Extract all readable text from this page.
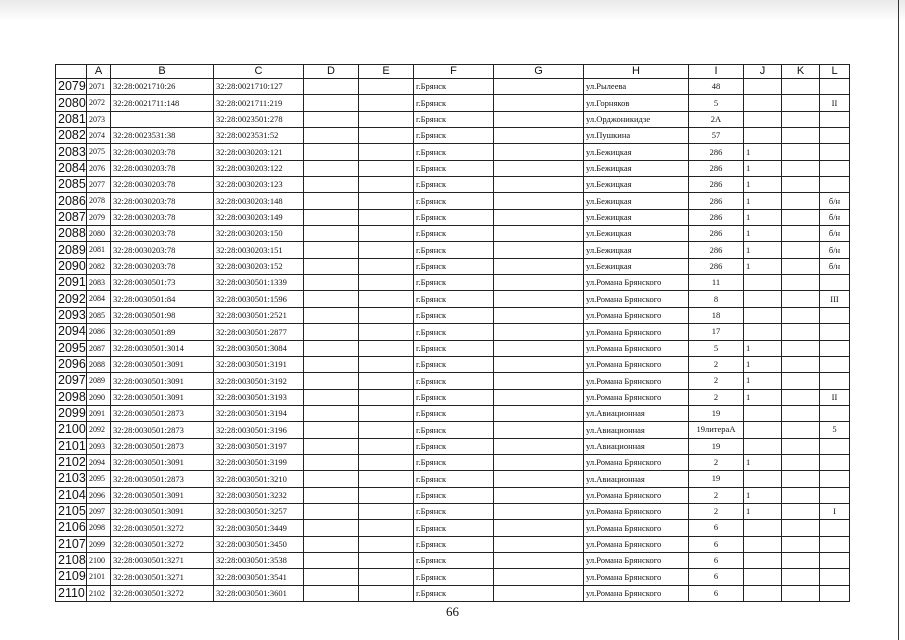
	A	B	C	D	E	F	G	H	I	J	K	L
2079	2071	32:28:0021710:26	32:28:0021710:127			г.Брянск		ул.Рылеева	48			
2080	2072	32:28:0021711:148	32:28:0021711:219			г.Брянск		ул.Горняков	5			II
2081	2073		32:28:0023501:278			г.Брянск		ул.Орджоникидзе	2А			
2082	2074	32:28:0023531:38	32:28:0023531:52			г.Брянск		ул.Пушкина	57			
2083	2075	32:28:0030203:78	32:28:0030203:121			г.Брянск		ул.Бежицкая	286	1		
2084	2076	32:28:0030203:78	32:28:0030203:122			г.Брянск		ул.Бежицкая	286	1		
2085	2077	32:28:0030203:78	32:28:0030203:123			г.Брянск		ул.Бежицкая	286	1		
2086	2078	32:28:0030203:78	32:28:0030203:148			г.Брянск		ул.Бежицкая	286	1		б/н
2087	2079	32:28:0030203:78	32:28:0030203:149			г.Брянск		ул.Бежицкая	286	1		б/н
2088	2080	32:28:0030203:78	32:28:0030203:150			г.Брянск		ул.Бежицкая	286	1		б/н
2089	2081	32:28:0030203:78	32:28:0030203:151			г.Брянск		ул.Бежицкая	286	1		б/н
2090	2082	32:28:0030203:78	32:28:0030203:152			г.Брянск		ул.Бежицкая	286	1		б/н
2091	2083	32:28:0030501:73	32:28:0030501:1339			г.Брянск		ул.Романа Брянского	11			
2092	2084	32:28:0030501:84	32:28:0030501:1596			г.Брянск		ул.Романа Брянского	8			III
2093	2085	32:28:0030501:98	32:28:0030501:2521			г.Брянск		ул.Романа Брянского	18			
2094	2086	32:28:0030501:89	32:28:0030501:2877			г.Брянск		ул.Романа Брянского	17			
2095	2087	32:28:0030501:3014	32:28:0030501:3084			г.Брянск		ул.Романа Брянского	5	1		
2096	2088	32:28:0030501:3091	32:28:0030501:3191			г.Брянск		ул.Романа Брянского	2	1		
2097	2089	32:28:0030501:3091	32:28:0030501:3192			г.Брянск		ул.Романа Брянского	2	1		
2098	2090	32:28:0030501:3091	32:28:0030501:3193			г.Брянск		ул.Романа Брянского	2	1		II
2099	2091	32:28:0030501:2873	32:28:0030501:3194			г.Брянск		ул.Авиационная	19			
2100	2092	32:28:0030501:2873	32:28:0030501:3196			г.Брянск		ул.Авиационная	19литераА			5
2101	2093	32:28:0030501:2873	32:28:0030501:3197			г.Брянск		ул.Авиационная	19			
2102	2094	32:28:0030501:3091	32:28:0030501:3199			г.Брянск		ул.Романа Брянского	2	1		
2103	2095	32:28:0030501:2873	32:28:0030501:3210			г.Брянск		ул.Авиационная	19			
2104	2096	32:28:0030501:3091	32:28:0030501:3232			г.Брянск		ул.Романа Брянского	2	1		
2105	2097	32:28:0030501:3091	32:28:0030501:3257			г.Брянск		ул.Романа Брянского	2	1		I
2106	2098	32:28:0030501:3272	32:28:0030501:3449			г.Брянск		ул.Романа Брянского	6			
2107	2099	32:28:0030501:3272	32:28:0030501:3450			г.Брянск		ул.Романа Брянского	6			
2108	2100	32:28:0030501:3271	32:28:0030501:3538			г.Брянск		ул.Романа Брянского	6			
2109	2101	32:28:0030501:3271	32:28:0030501:3541			г.Брянск		ул.Романа Брянского	6			
2110	2102	32:28:0030501:3272	32:28:0030501:3601			г.Брянск		ул.Романа Брянского	6			
66
